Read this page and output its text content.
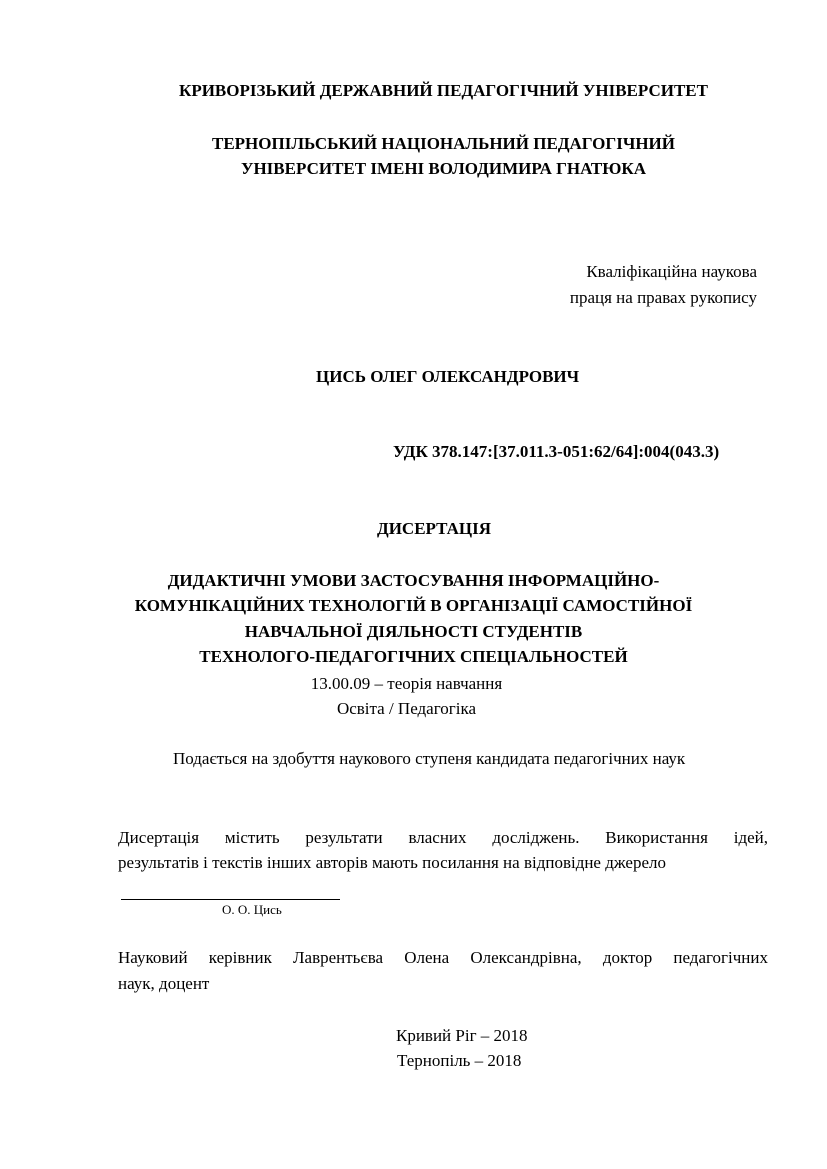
КРИВОРІЗЬКИЙ ДЕРЖАВНИЙ ПЕДАГОГІЧНИЙ УНІВЕРСИТЕТ
ТЕРНОПІЛЬСЬКИЙ НАЦІОНАЛЬНИЙ ПЕДАГОГІЧНИЙ
УНІВЕРСИТЕТ ІМЕНІ ВОЛОДИМИРА ГНАТЮКА
Кваліфікаційна наукова
праця на правах рукопису
ЦИСЬ ОЛЕГ ОЛЕКСАНДРОВИЧ
УДК 378.147:[37.011.3-051:62/64]:004(043.3)
ДИСЕРТАЦІЯ
ДИДАКТИЧНІ УМОВИ ЗАСТОСУВАННЯ ІНФОРМАЦІЙНО-
КОМУНІКАЦІЙНИХ ТЕХНОЛОГІЙ В ОРГАНІЗАЦІЇ САМОСТІЙНОЇ
НАВЧАЛЬНОЇ ДІЯЛЬНОСТІ СТУДЕНТІВ
ТЕХНОЛОГО-ПЕДАГОГІЧНИХ СПЕЦІАЛЬНОСТЕЙ
13.00.09 – теорія навчання
Освіта / Педагогіка
Подається на здобуття наукового ступеня кандидата педагогічних наук
Дисертація містить результати власних досліджень. Використання ідей,
результатів і текстів інших авторів мають посилання на відповідне джерело
О. О. Цись
Науковий керівник Лаврентьєва Олена Олександрівна, доктор педагогічних
наук, доцент
Кривий Ріг – 2018
Тернопіль – 2018
